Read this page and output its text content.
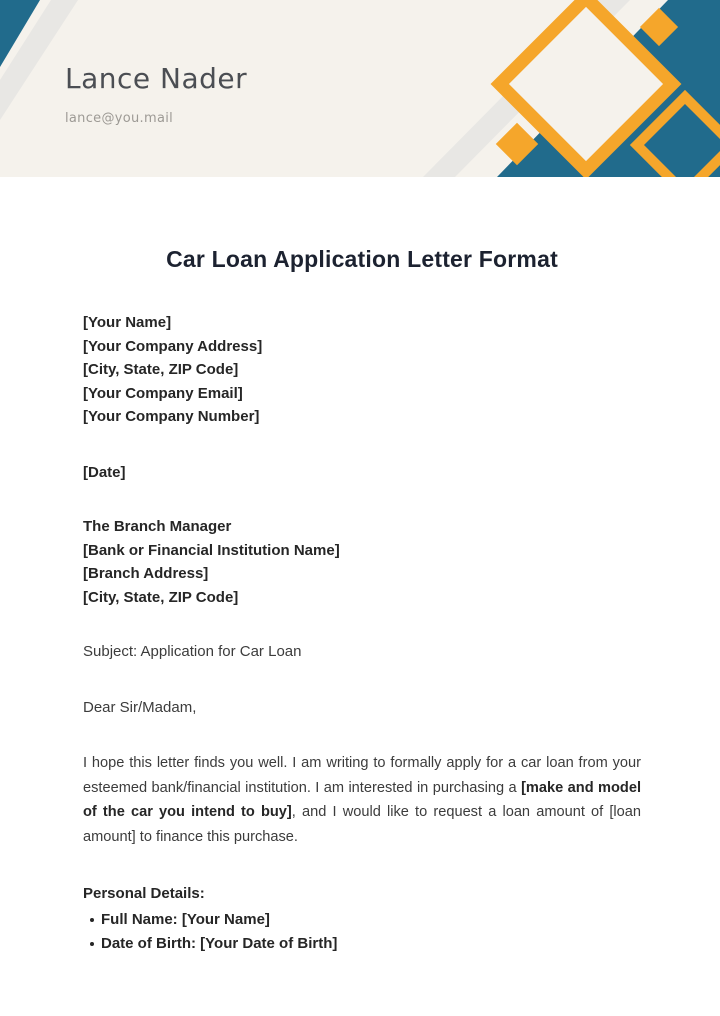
Lance Nader
lance@you.mail
Car Loan Application Letter Format
[Your Name]
[Your Company Address]
[City, State, ZIP Code]
[Your Company Email]
[Your Company Number]
[Date]
The Branch Manager
[Bank or Financial Institution Name]
[Branch Address]
[City, State, ZIP Code]
Subject: Application for Car Loan
Dear Sir/Madam,

I hope this letter finds you well. I am writing to formally apply for a car loan from your esteemed bank/financial institution. I am interested in purchasing a [make and model of the car you intend to buy], and I would like to request a loan amount of [loan amount] to finance this purchase.

Personal Details:
Full Name: [Your Name]
Date of Birth: [Your Date of Birth]
